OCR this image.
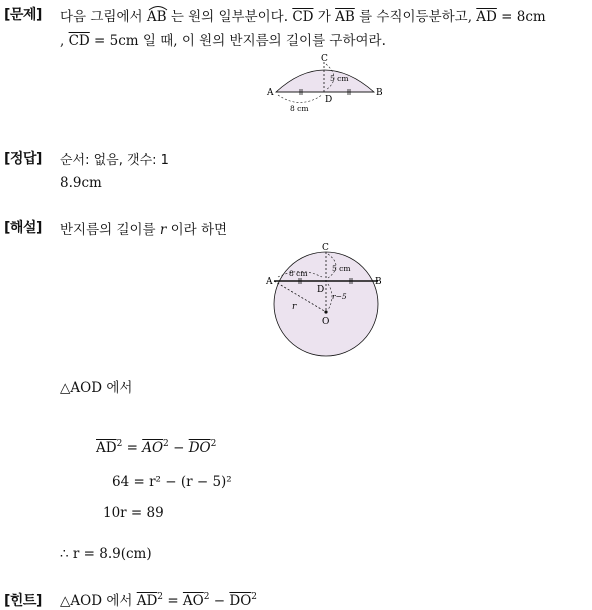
[문제] 다음 그림에서 AB 는 원의 일부분이다. $\overline{CD}$ 가 $\overline{AB}$ 를 수직이등분하고, $\overline{AD} = 8cm$
, $\overline{CD} = 5cm$ 일 때, 이 원의 반지름의 길이를 구하여라.
A	B
C
D
5 cm
8 cm
[정답] 순서: 없음, 갯수: 1
8.9cm
[해설] 반지름의 길이를 r 이라 하면
A	B
C
D
O
r
r−5
5 cm
8 cm
△AOD 에서
$\overline{AD}^2 = \overline{AO}^2 - \overline{DO}^2$
64 = r² − (r − 5)²
10r = 89
∴ r = 8.9(cm)
[힌트] △AOD 에서 $\overline{AD}^2 = \overline{AO}^2 - \overline{DO}^2$
